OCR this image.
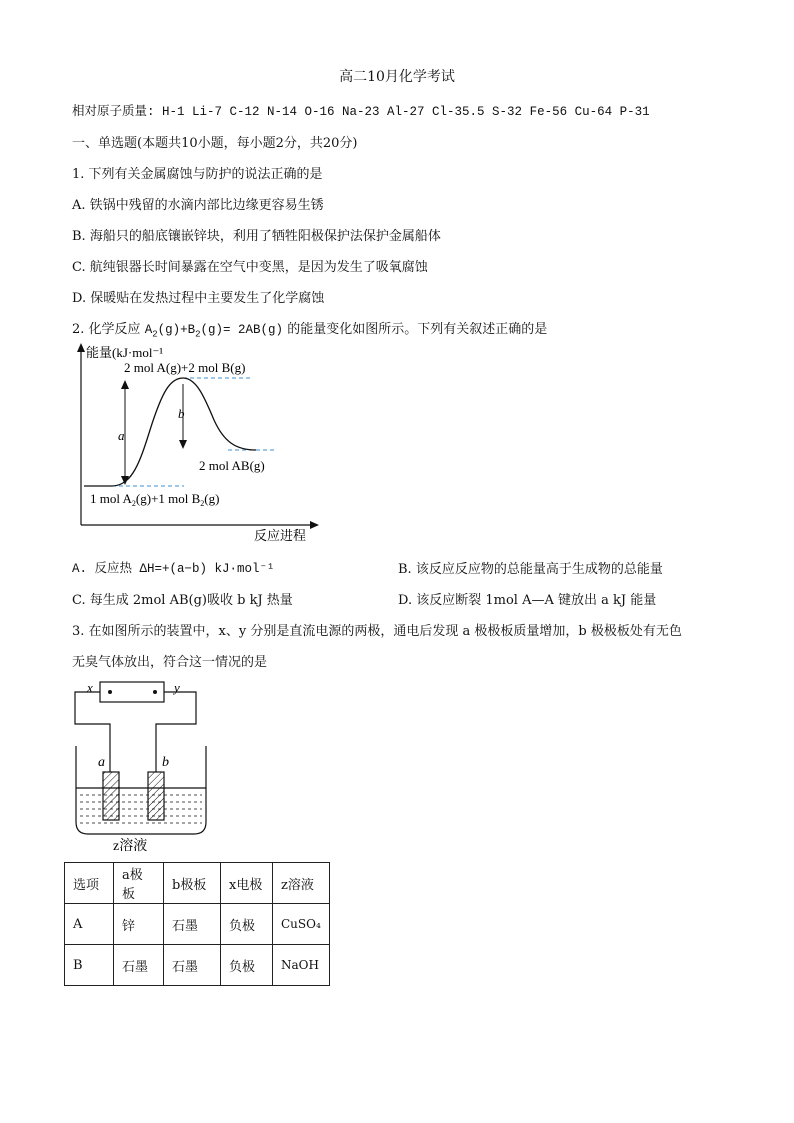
高二10月化学考试
相对原子质量: H-1 Li-7 C-12 N-14 O-16 Na-23 Al-27 Cl-35.5 S-32 Fe-56 Cu-64 P-31
一、单选题(本题共10小题，每小题2分，共20分)
1. 下列有关金属腐蚀与防护的说法正确的是
A. 铁锅中残留的水滴内部比边缘更容易生锈
B. 海船只的船底镶嵌锌块，利用了牺牲阳极保护法保护金属船体
C. 航纯银器长时间暴露在空气中变黑，是因为发生了吸氧腐蚀
D. 保暖贴在发热过程中主要发生了化学腐蚀
2. 化学反应 $A_2(g)+B_2(g)= 2AB(g)$ 的能量变化如图所示。下列有关叙述正确的是
能量(kJ·mol⁻¹
2 mol A(g)+2 mol B(g)
2 mol AB(g)
a
b
1 mol $A_2(g)+1$ mol $B_2(g)$
反应进程
x	y
a	b
z溶液
A. 反应热 ΔH=+(a−b) kJ·mol⁻¹	B. 该反应反应物的总能量高于生成物的总能量
C. 每生成 2mol AB(g)吸收 b kJ 热量	D. 该反应断裂 1mol A—A 键放出 a kJ 能量
3. 在如图所示的装置中，x、y 分别是直流电源的两极，通电后发现 a 极极板质量增加，b 极极板处有无色
无臭气体放出，符合这一情况的是
选项	a极板	b极板	x电极	z溶液
A	锌	石墨	负极	CuSO₄
B	石墨	石墨	负极	NaOH
